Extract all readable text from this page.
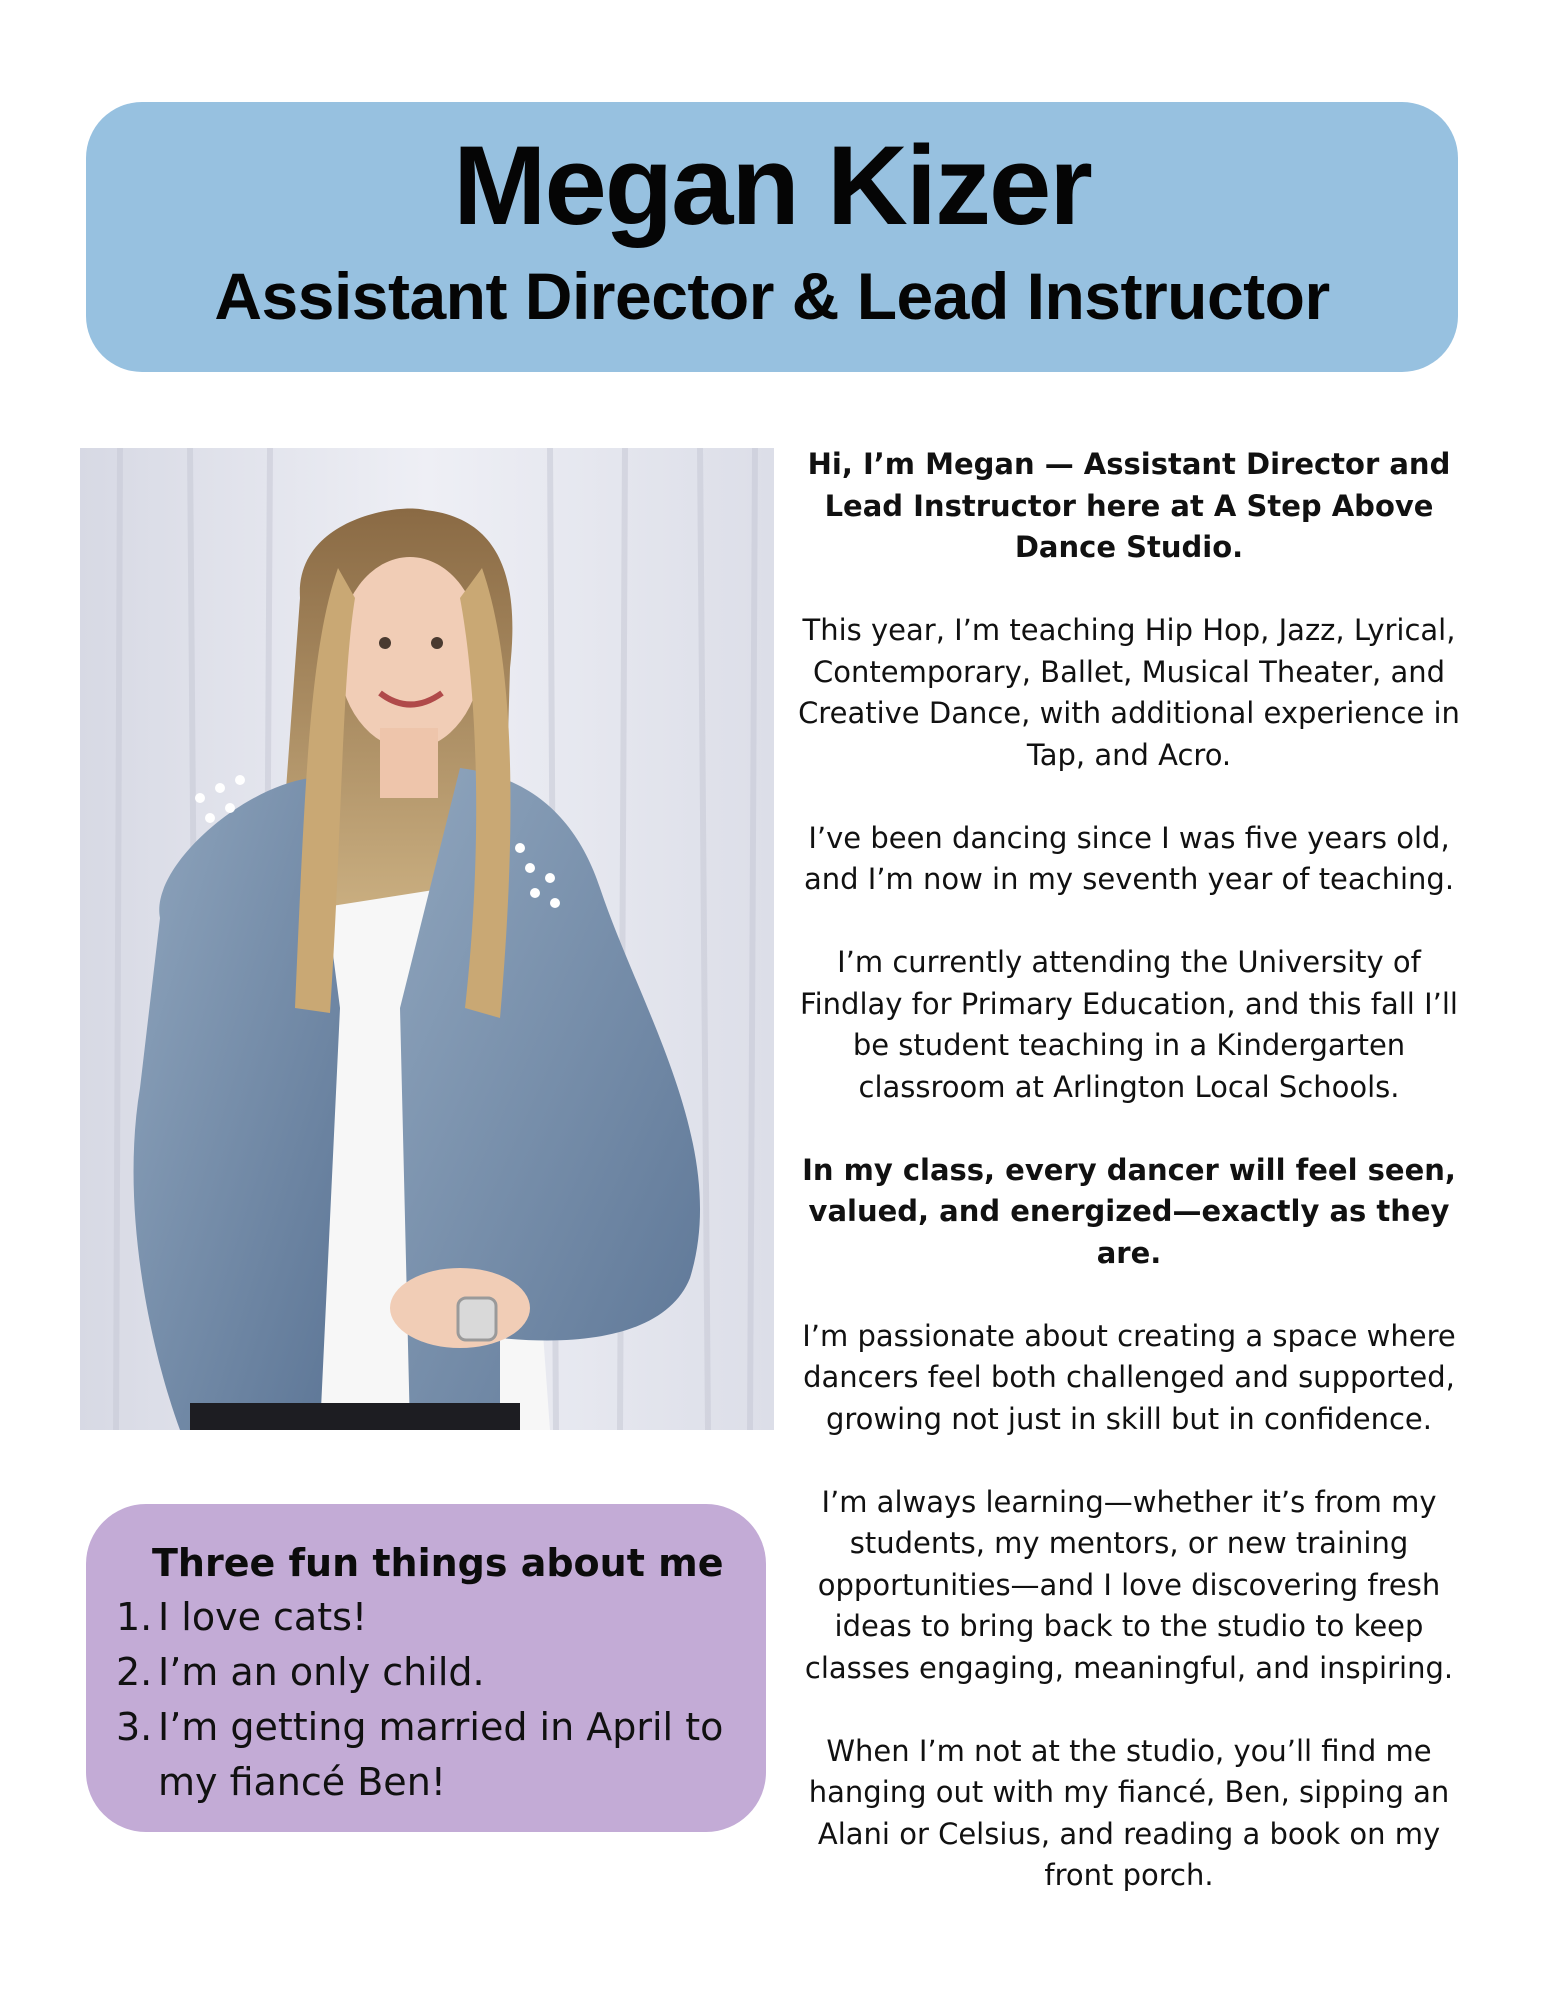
Megan Kizer
Assistant Director & Lead Instructor
Three fun things about me
1. I love cats!
2. I’m an only child.
3. I’m getting married in April to my fiancé Ben!

Hi, I’m Megan — Assistant Director and Lead Instructor here at A Step Above Dance Studio.

This year, I’m teaching Hip Hop, Jazz, Lyrical, Contemporary, Ballet, Musical Theater, and Creative Dance, with additional experience in Tap, and Acro.

I’ve been dancing since I was five years old, and I’m now in my seventh year of teaching.

I’m currently attending the University of Findlay for Primary Education, and this fall I’ll be student teaching in a Kindergarten classroom at Arlington Local Schools.

In my class, every dancer will feel seen, valued, and energized—exactly as they are.

I’m passionate about creating a space where dancers feel both challenged and supported, growing not just in skill but in confidence.

I’m always learning—whether it’s from my students, my mentors, or new training opportunities—and I love discovering fresh ideas to bring back to the studio to keep classes engaging, meaningful, and inspiring.

When I’m not at the studio, you’ll find me hanging out with my fiancé, Ben, sipping an Alani or Celsius, and reading a book on my front porch.
